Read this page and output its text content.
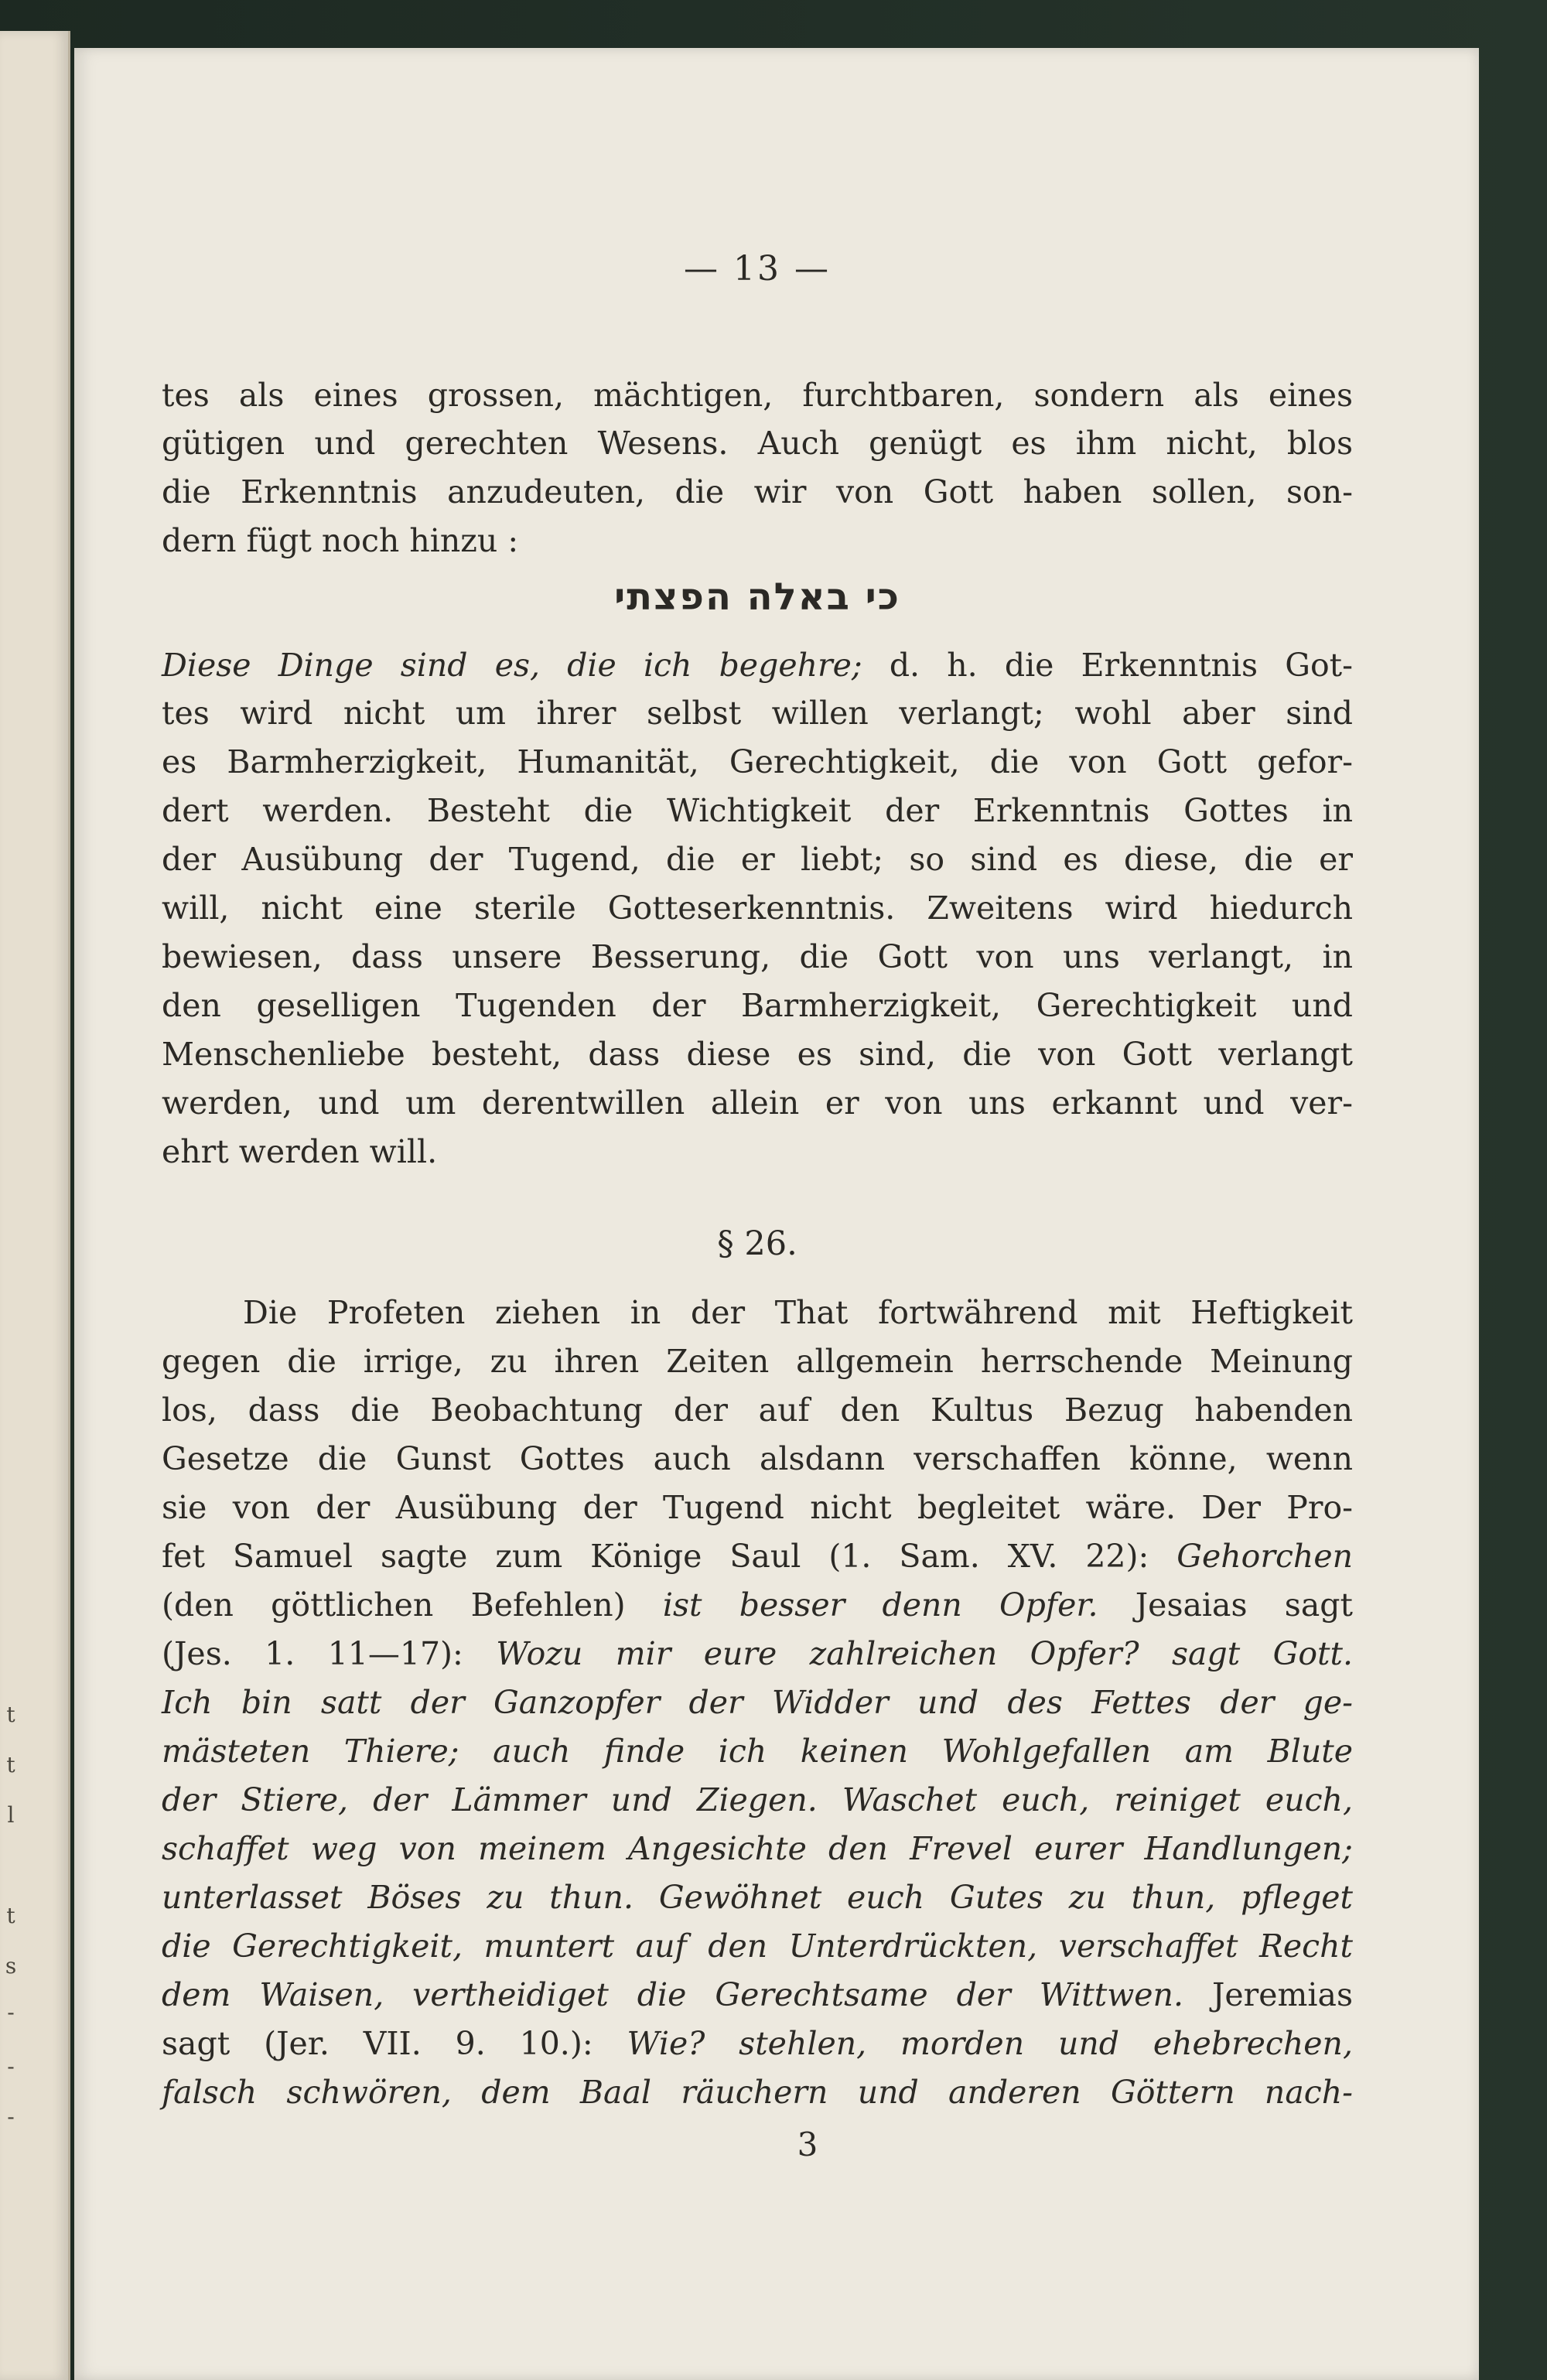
t
t
l
t
s
-
-
-
— 13 —
tes als eines grossen, mächtigen, furchtbaren, sondern als eines
gütigen und gerechten Wesens. Auch genügt es ihm nicht, blos
die Erkenntnis anzudeuten, die wir von Gott haben sollen, son-
dern fügt noch hinzu :
כי באלה הפצתי
Diese Dinge sind es, die ich begehre; d. h. die Erkenntnis Got-
tes wird nicht um ihrer selbst willen verlangt; wohl aber sind
es Barmherzigkeit, Humanität, Gerechtigkeit, die von Gott gefor-
dert werden. Besteht die Wichtigkeit der Erkenntnis Gottes in
der Ausübung der Tugend, die er liebt; so sind es diese, die er
will, nicht eine sterile Gotteserkenntnis. Zweitens wird hiedurch
bewiesen, dass unsere Besserung, die Gott von uns verlangt, in
den geselligen Tugenden der Barmherzigkeit, Gerechtigkeit und
Menschenliebe besteht, dass diese es sind, die von Gott verlangt
werden, und um derentwillen allein er von uns erkannt und ver-
ehrt werden will.
§ 26.
Die Profeten ziehen in der That fortwährend mit Heftigkeit
gegen die irrige, zu ihren Zeiten allgemein herrschende Meinung
los, dass die Beobachtung der auf den Kultus Bezug habenden
Gesetze die Gunst Gottes auch alsdann verschaffen könne, wenn
sie von der Ausübung der Tugend nicht begleitet wäre. Der Pro-
fet Samuel sagte zum Könige Saul (1. Sam. XV. 22): Gehorchen
(den göttlichen Befehlen) ist besser denn Opfer. Jesaias sagt
(Jes. 1. 11—17): Wozu mir eure zahlreichen Opfer? sagt Gott.
Ich bin satt der Ganzopfer der Widder und des Fettes der ge-
mästeten Thiere; auch finde ich keinen Wohlgefallen am Blute
der Stiere, der Lämmer und Ziegen. Waschet euch, reiniget euch,
schaffet weg von meinem Angesichte den Frevel eurer Handlungen;
unterlasset Böses zu thun. Gewöhnet euch Gutes zu thun, pfleget
die Gerechtigkeit, muntert auf den Unterdrückten, verschaffet Recht
dem Waisen, vertheidiget die Gerechtsame der Wittwen. Jeremias
sagt (Jer. VII. 9. 10.): Wie? stehlen, morden und ehebrechen,
falsch schwören, dem Baal räuchern und anderen Göttern nach-
3
